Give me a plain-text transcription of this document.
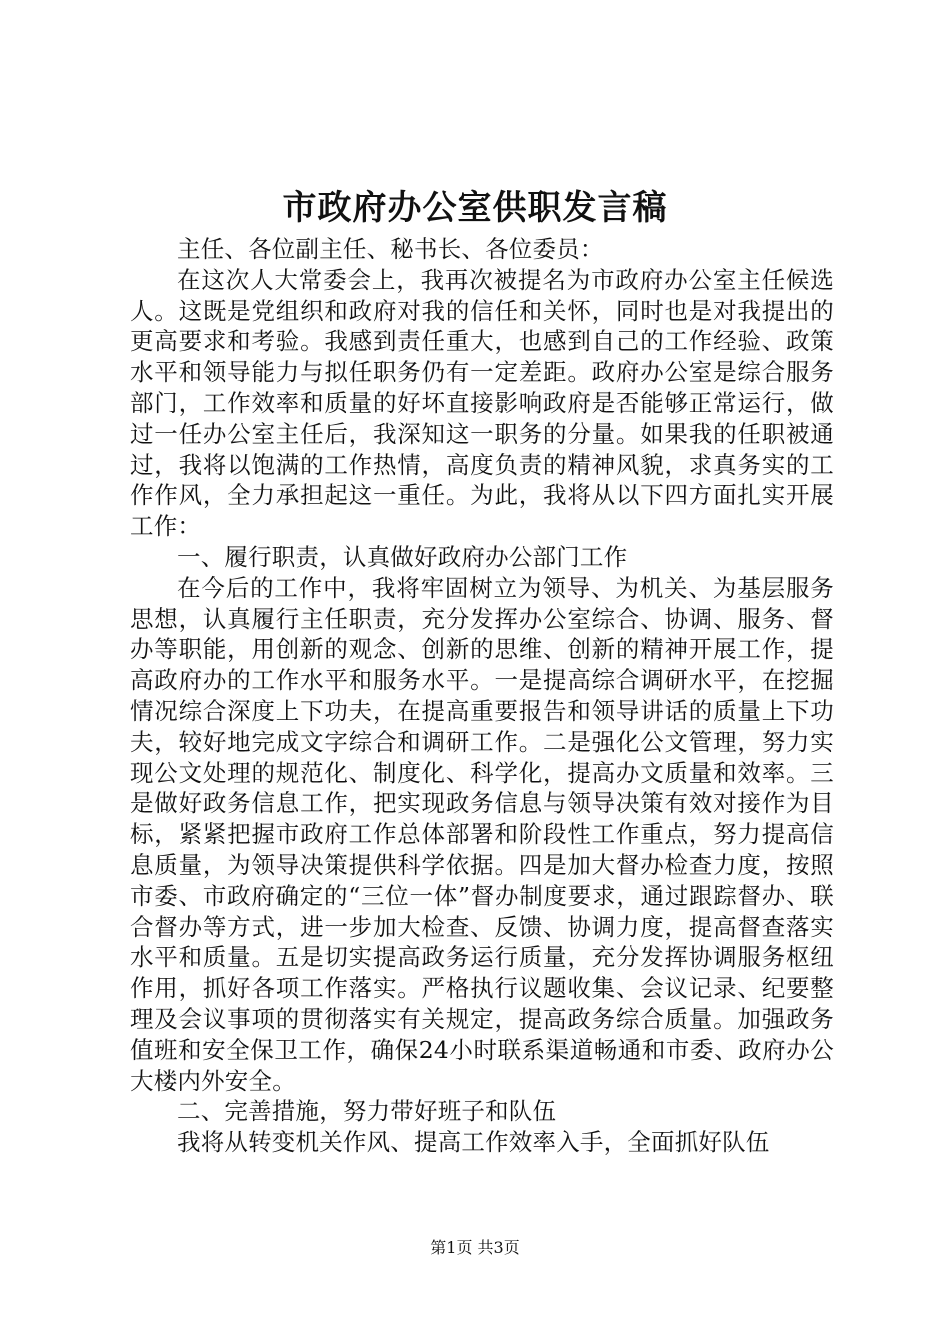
市政府办公室供职发言稿

主任、各位副主任、秘书长、各位委员：

在这次人大常委会上，我再次被提名为市政府办公室主任候选人。这既是党组织和政府对我的信任和关怀，同时也是对我提出的更高要求和考验。我感到责任重大，也感到自己的工作经验、政策水平和领导能力与拟任职务仍有一定差距。政府办公室是综合服务部门，工作效率和质量的好坏直接影响政府是否能够正常运行，做过一任办公室主任后，我深知这一职务的分量。如果我的任职被通过，我将以饱满的工作热情，高度负责的精神风貌，求真务实的工作作风，全力承担起这一重任。为此，我将从以下四方面扎实开展工作：

一、履行职责，认真做好政府办公部门工作

在今后的工作中，我将牢固树立为领导、为机关、为基层服务思想，认真履行主任职责，充分发挥办公室综合、协调、服务、督办等职能，用创新的观念、创新的思维、创新的精神开展工作，提高政府办的工作水平和服务水平。一是提高综合调研水平，在挖掘情况综合深度上下功夫，在提高重要报告和领导讲话的质量上下功夫，较好地完成文字综合和调研工作。二是强化公文管理，努力实现公文处理的规范化、制度化、科学化，提高办文质量和效率。三是做好政务信息工作，把实现政务信息与领导决策有效对接作为目标，紧紧把握市政府工作总体部署和阶段性工作重点，努力提高信息质量，为领导决策提供科学依据。四是加大督办检查力度，按照市委、市政府确定的“三位一体”督办制度要求，通过跟踪督办、联合督办等方式，进一步加大检查、反馈、协调力度，提高督查落实水平和质量。五是切实提高政务运行质量，充分发挥协调服务枢纽作用，抓好各项工作落实。严格执行议题收集、会议记录、纪要整理及会议事项的贯彻落实有关规定，提高政务综合质量。加强政务值班和安全保卫工作，确保24小时联系渠道畅通和市委、政府办公大楼内外安全。

二、完善措施，努力带好班子和队伍

我将从转变机关作风、提高工作效率入手，全面抓好队伍

第1页 共3页
